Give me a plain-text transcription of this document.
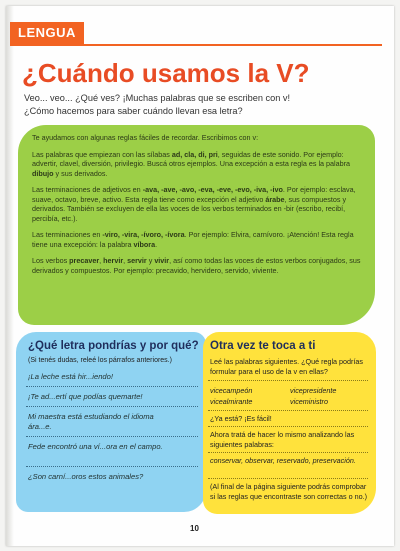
LENGUA
¿Cuándo usamos la V?
Veo... veo... ¿Qué ves? ¡Muchas palabras que se escriben con v!
¿Cómo hacemos para saber cuándo llevan esa letra?

Te ayudamos con algunas reglas fáciles de recordar. Escribimos con v:

Las palabras que empiezan con las sílabas ad, cla, di, pri, seguidas de este sonido. Por ejemplo: advertir, clavel, diversión, privilegio. Buscá otros ejemplos. Una excepción a esta regla es la palabra dibujo y sus derivados.

Las terminaciones de adjetivos en -ava, -ave, -avo, -eva, -eve, -evo, -iva, -ivo. Por ejemplo: esclava, suave, octavo, breve, activo. Esta regla tiene como excepción el adjetivo árabe, sus compuestos y derivados. También se excluyen de ella las voces de los verbos terminados en -bir (escribo, recibí, percibía, etc.).

Las terminaciones en -viro, -vira, -ívoro, -ívora. Por ejemplo: Elvira, carnívoro. ¡Atención! Esta regla tiene una excepción: la palabra víbora.

Los verbos precaver, hervir, servir y vivir, así como todas las voces de estos verbos conjugados, sus derivados y compuestos. Por ejemplo: precavido, hervidero, servido, viviente.

¿Qué letra pondrías y por qué?
(Si tenés dudas, releé los párrafos anteriores.)
¡La leche está hir...iendo!
¡Te ad...ertí que podías quemarte!
Mi maestra está estudiando el idioma ára...e.
Fede encontró una ví...ora en el campo.
¿Son carní...oros estos animales?
Otra vez te toca a ti
Leé las palabras siguientes. ¿Qué regla podrías formular para el uso de la v en ellas?
vicecampeón	vicepresidente
vicealmirante	viceministro
¿Ya está? ¡Es fácil!
Ahora tratá de hacer lo mismo analizando las siguientes palabras:
conservar, observar, reservado, preservación.
(Al final de la página siguiente podrás comprobar si las reglas que encontraste son correctas o no.)
10
